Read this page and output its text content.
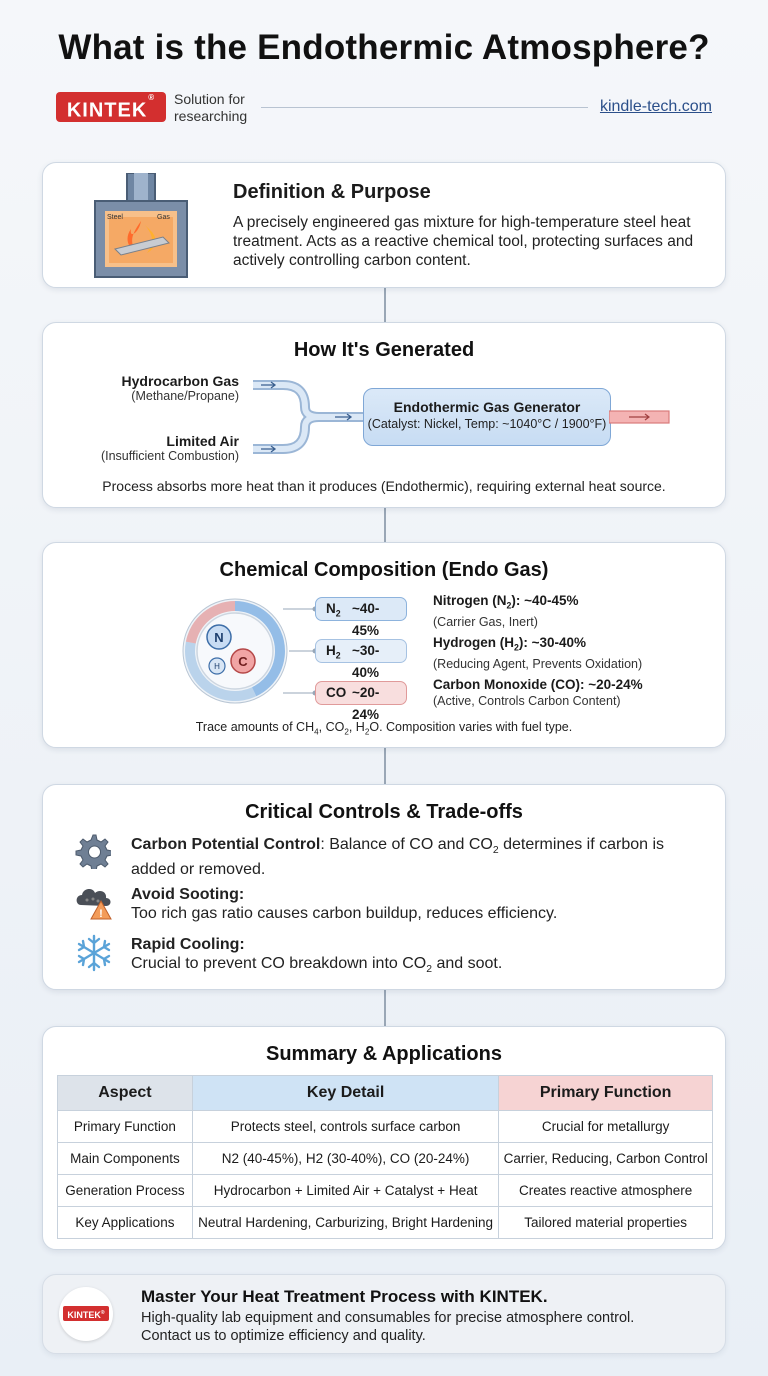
What is the Endothermic Atmosphere?
KINTEK®	Solution for researching
kindle-tech.com
Steel	Gas
Definition & Purpose
A precisely engineered gas mixture for high-temperature steel heat treatment. Acts as a reactive chemical tool, protecting surfaces and actively controlling carbon content.
How It's Generated
Hydrocarbon Gas
(Methane/Propane)
Limited Air
(Insufficient Combustion)
Endothermic Gas Generator
(Catalyst: Nickel, Temp: ~1040°C / 1900°F)
Process absorbs more heat than it produces (Endothermic), requiring external heat source.
Chemical Composition (Endo Gas)
N
C
H
$N_2$ ~40-45%
$H_2$ ~30-40%
CO ~20-24%
Nitrogen $(N_2)$: ~40-45%
(Carrier Gas, Inert)
Hydrogen $(H_2)$: ~30-40%
(Reducing Agent, Prevents Oxidation)
Carbon Monoxide (CO): ~20-24%
(Active, Controls Carbon Content)
Trace amounts of $CH_4$, $CO_2$, $H_2O$. Composition varies with fuel type.
Critical Controls & Trade-offs
!
Carbon Potential Control: Balance of CO and $CO_2$ determines if carbon is added or removed.
Avoid Sooting:
Too rich gas ratio causes carbon buildup, reduces efficiency.
Rapid Cooling:
Crucial to prevent CO breakdown into $CO_2$ and soot.
Summary & Applications
Aspect	Key Detail	Primary Function
Primary Function	Protects steel, controls surface carbon	Crucial for metallurgy
Main Components	N2 (40-45%), H2 (30-40%), CO (20-24%)	Carrier, Reducing, Carbon Control
Generation Process	Hydrocarbon + Limited Air + Catalyst + Heat	Creates reactive atmosphere
Key Applications	Neutral Hardening, Carburizing, Bright Hardening	Tailored material properties
KINTEK®
Master Your Heat Treatment Process with KINTEK.
High-quality lab equipment and consumables for precise atmosphere control.
Contact us to optimize efficiency and quality.
